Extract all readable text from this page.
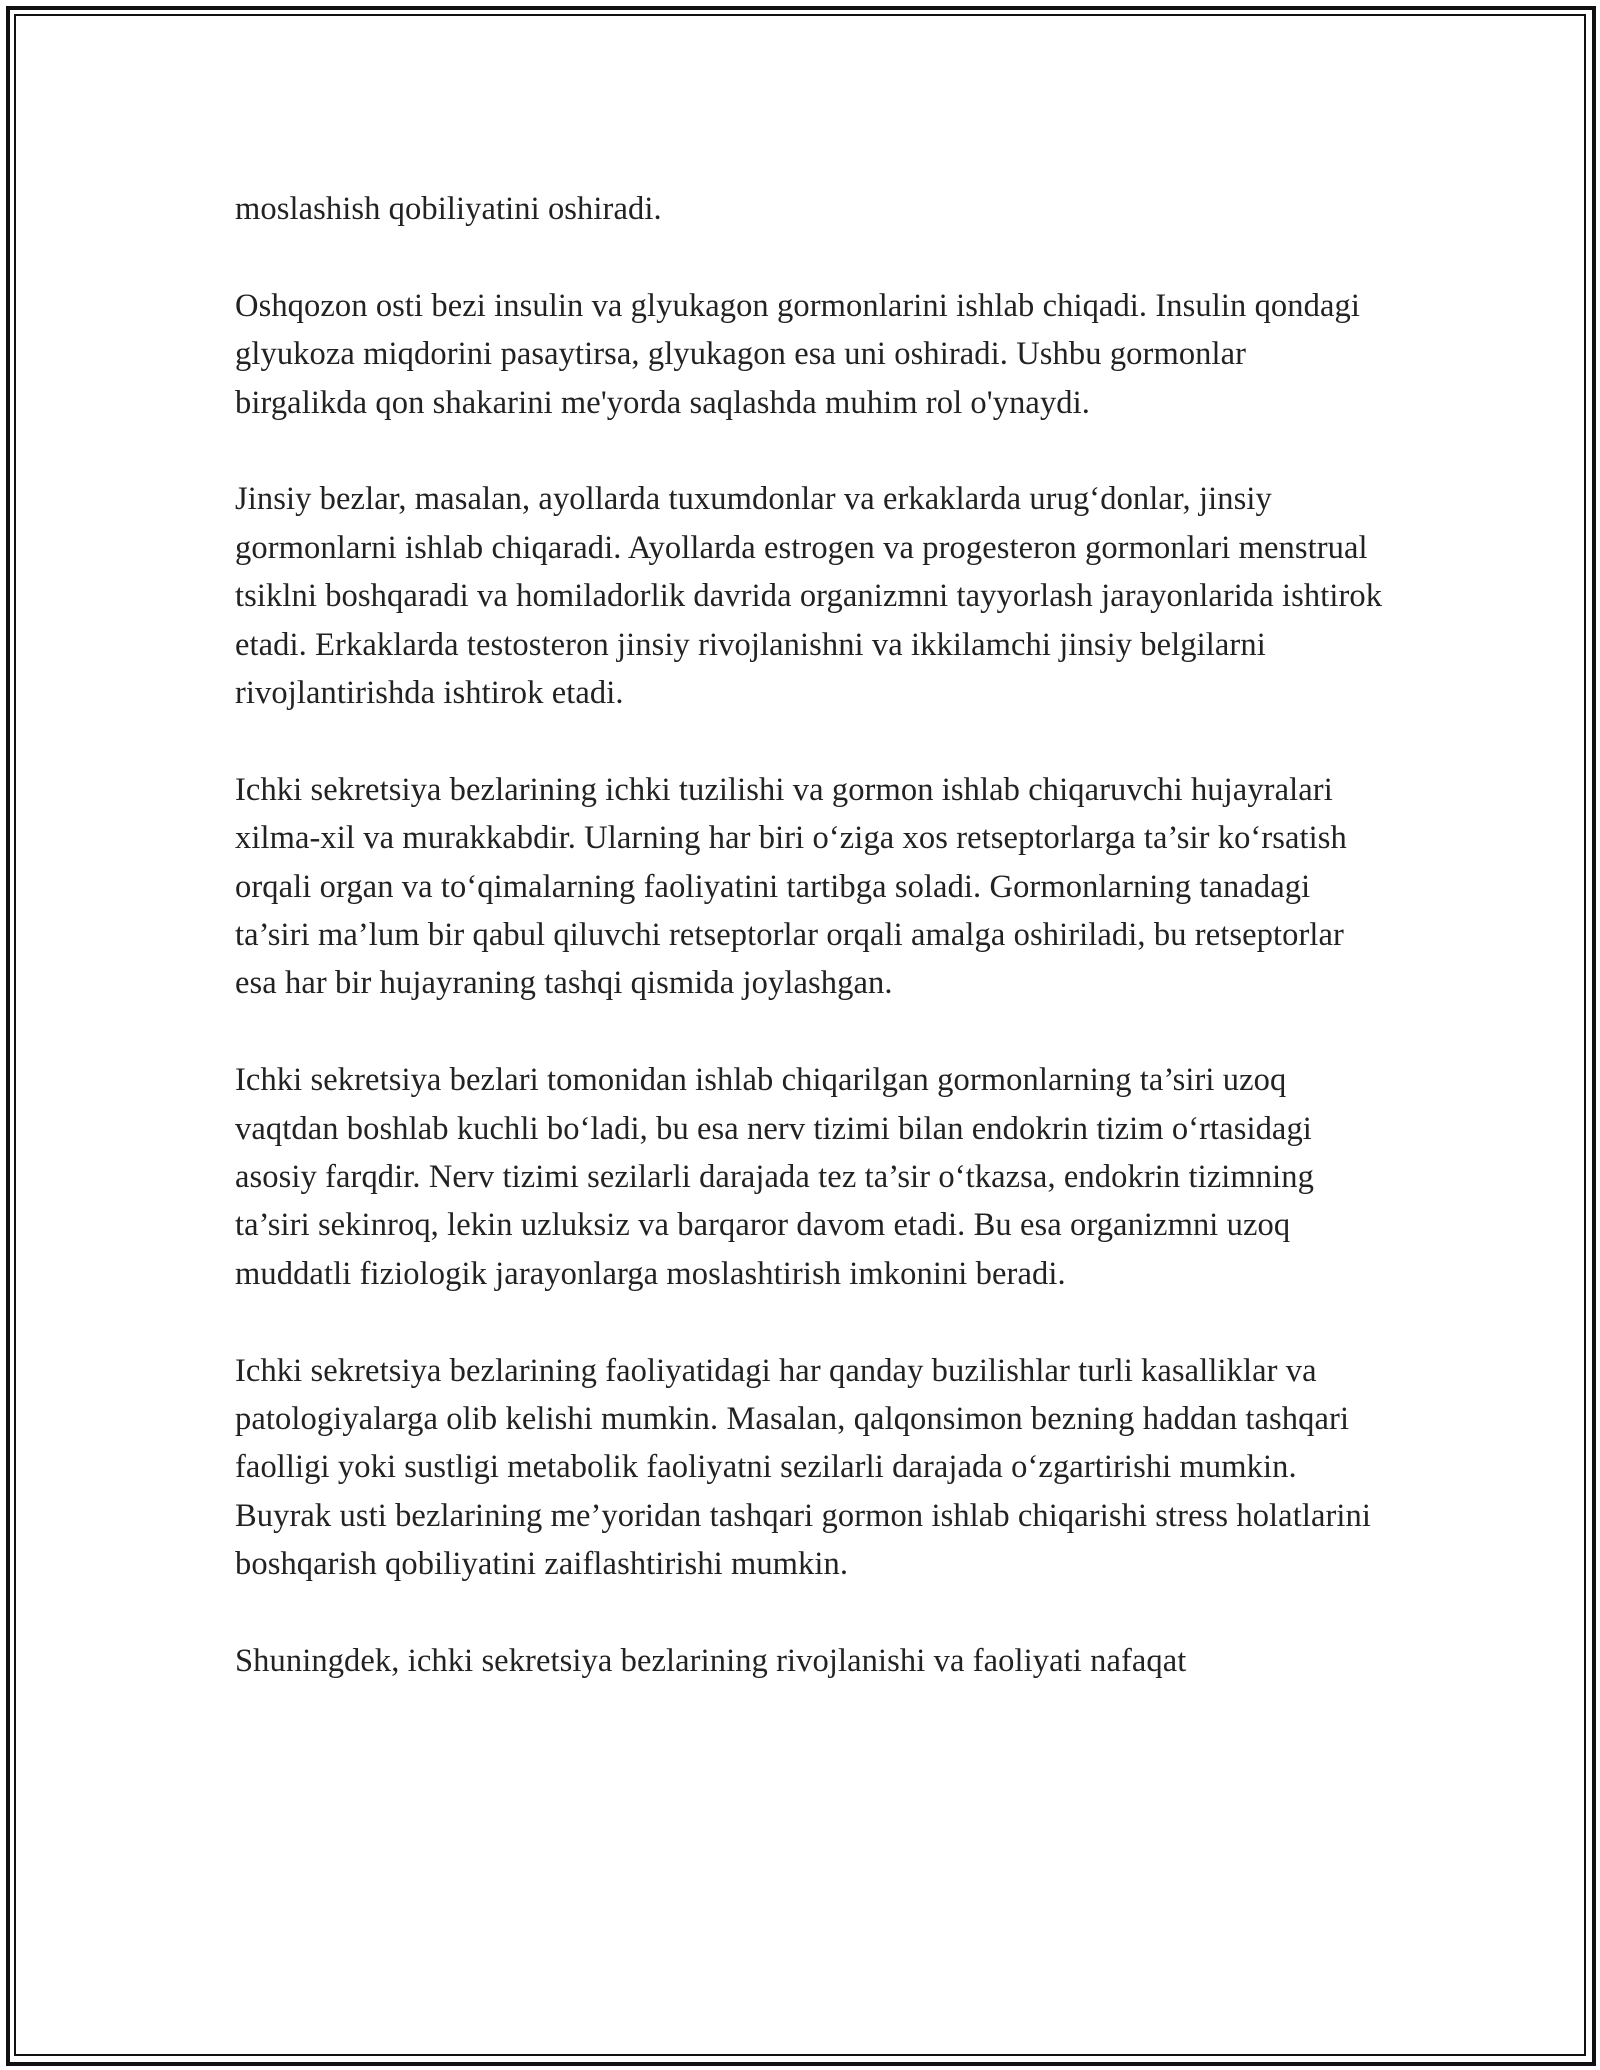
moslashish qobiliyatini oshiradi.

Oshqozon osti bezi insulin va glyukagon gormonlarini ishlab chiqadi. Insulin qondagi glyukoza miqdorini pasaytirsa, glyukagon esa uni oshiradi. Ushbu gormonlar birgalikda qon shakarini me'yorda saqlashda muhim rol o'ynaydi.

Jinsiy bezlar, masalan, ayollarda tuxumdonlar va erkaklarda urug‘donlar, jinsiy gormonlarni ishlab chiqaradi. Ayollarda estrogen va progesteron gormonlari menstrual tsiklni boshqaradi va homiladorlik davrida organizmni tayyorlash jarayonlarida ishtirok etadi. Erkaklarda testosteron jinsiy rivojlanishni va ikkilamchi jinsiy belgilarni rivojlantirishda ishtirok etadi.

Ichki sekretsiya bezlarining ichki tuzilishi va gormon ishlab chiqaruvchi hujayralari xilma-xil va murakkabdir. Ularning har biri o‘ziga xos retseptorlarga ta’sir ko‘rsatish orqali organ va to‘qimalarning faoliyatini tartibga soladi. Gormonlarning tanadagi ta’siri ma’lum bir qabul qiluvchi retseptorlar orqali amalga oshiriladi, bu retseptorlar esa har bir hujayraning tashqi qismida joylashgan.

Ichki sekretsiya bezlari tomonidan ishlab chiqarilgan gormonlarning ta’siri uzoq vaqtdan boshlab kuchli bo‘ladi, bu esa nerv tizimi bilan endokrin tizim o‘rtasidagi asosiy farqdir. Nerv tizimi sezilarli darajada tez ta’sir o‘tkazsa, endokrin tizimning ta’siri sekinroq, lekin uzluksiz va barqaror davom etadi. Bu esa organizmni uzoq muddatli fiziologik jarayonlarga moslashtirish imkonini beradi.

Ichki sekretsiya bezlarining faoliyatidagi har qanday buzilishlar turli kasalliklar va patologiyalarga olib kelishi mumkin. Masalan, qalqonsimon bezning haddan tashqari faolligi yoki sustligi metabolik faoliyatni sezilarli darajada o‘zgartirishi mumkin. Buyrak usti bezlarining me’yoridan tashqari gormon ishlab chiqarishi stress holatlarini boshqarish qobiliyatini zaiflashtirishi mumkin.

Shuningdek, ichki sekretsiya bezlarining rivojlanishi va faoliyati nafaqat
